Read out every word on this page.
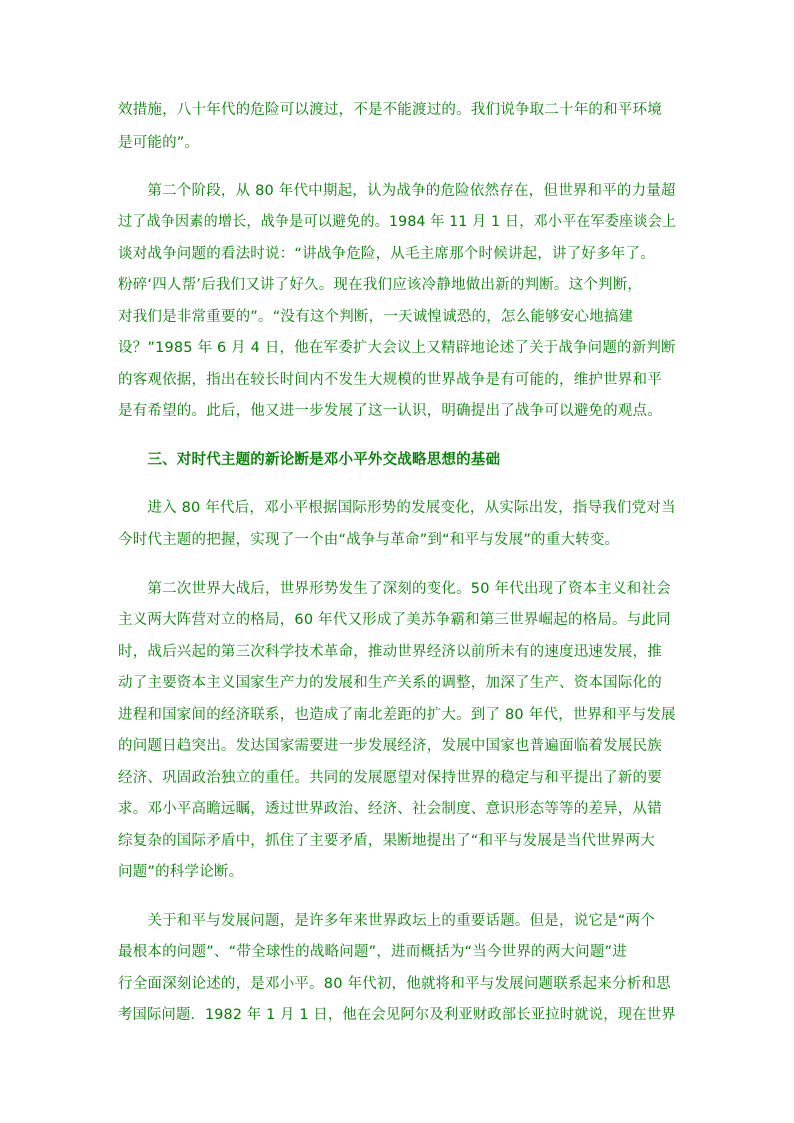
效措施，八十年代的危险可以渡过，不是不能渡过的。我们说争取二十年的和平环境
是可能的”。
　　第二个阶段，从 80 年代中期起，认为战争的危险依然存在，但世界和平的力量超
过了战争因素的增长，战争是可以避免的。1984 年 11 月 1 日，邓小平在军委座谈会上
谈对战争问题的看法时说：“讲战争危险，从毛主席那个时候讲起，讲了好多年了。
粉碎‘四人帮’后我们又讲了好久。现在我们应该冷静地做出新的判断。这个判断，
对我们是非常重要的”。“没有这个判断，一天诚惶诚恐的，怎么能够安心地搞建
设？”1985 年 6 月 4 日，他在军委扩大会议上又精辟地论述了关于战争问题的新判断
的客观依据，指出在较长时间内不发生大规模的世界战争是有可能的，维护世界和平
是有希望的。此后，他又进一步发展了这一认识，明确提出了战争可以避免的观点。
　　三、对时代主题的新论断是邓小平外交战略思想的基础
　　进入 80 年代后，邓小平根据国际形势的发展变化，从实际出发，指导我们党对当
今时代主题的把握，实现了一个由“战争与革命”到“和平与发展”的重大转变。
　　第二次世界大战后，世界形势发生了深刻的变化。50 年代出现了资本主义和社会
主义两大阵营对立的格局，60 年代又形成了美苏争霸和第三世界崛起的格局。与此同
时，战后兴起的第三次科学技术革命，推动世界经济以前所未有的速度迅速发展，推
动了主要资本主义国家生产力的发展和生产关系的调整，加深了生产、资本国际化的
进程和国家间的经济联系，也造成了南北差距的扩大。到了 80 年代，世界和平与发展
的问题日趋突出。发达国家需要进一步发展经济，发展中国家也普遍面临着发展民族
经济、巩固政治独立的重任。共同的发展愿望对保持世界的稳定与和平提出了新的要
求。邓小平高瞻远瞩，透过世界政治、经济、社会制度、意识形态等等的差异，从错
综复杂的国际矛盾中，抓住了主要矛盾，果断地提出了“和平与发展是当代世界两大
问题”的科学论断。
　　关于和平与发展问题，是许多年来世界政坛上的重要话题。但是，说它是“两个
最根本的问题”、“带全球性的战略问题”，进而概括为“当今世界的两大问题”进
行全面深刻论述的，是邓小平。80 年代初，他就将和平与发展问题联系起来分析和思
考国际问题．1982 年 1 月 1 日，他在会见阿尔及利亚财政部长亚拉时就说，现在世界
